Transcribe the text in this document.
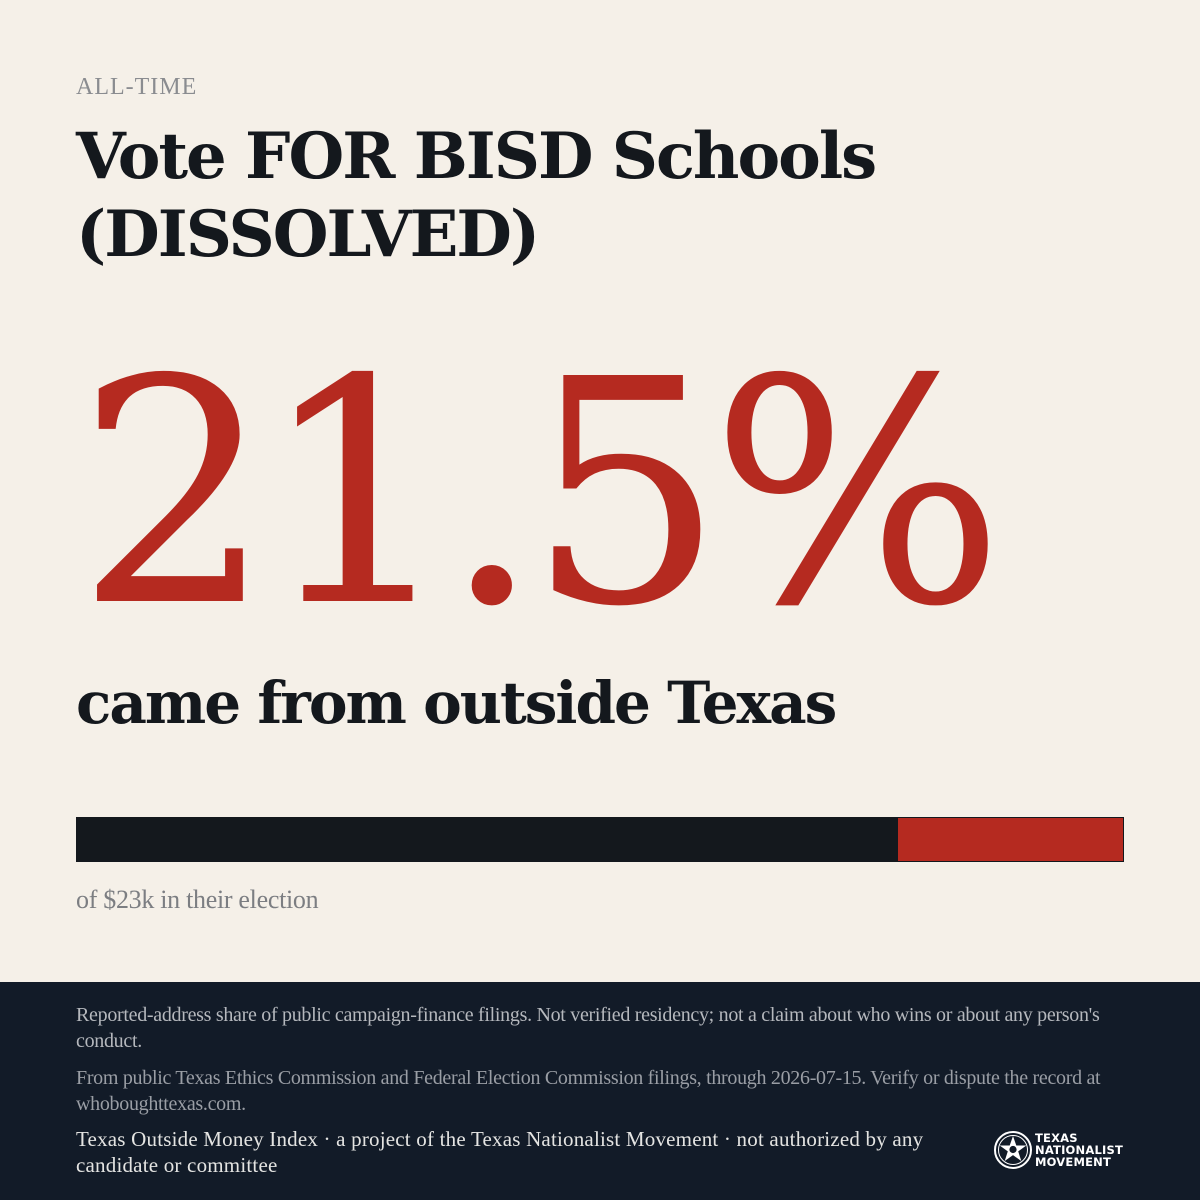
ALL-TIME
Vote FOR BISD Schools (DISSOLVED)
21.5%
came from outside Texas
of $23k in their election
Reported-address share of public campaign-finance filings. Not verified residency; not a claim about who wins or about any person's conduct.
From public Texas Ethics Commission and Federal Election Commission filings, through 2026-07-15. Verify or dispute the record at whoboughttexas.com.
Texas Outside Money Index · a project of the Texas Nationalist Movement · not authorized by any candidate or committee
TEXAS
NATIONALIST
MOVEMENT
